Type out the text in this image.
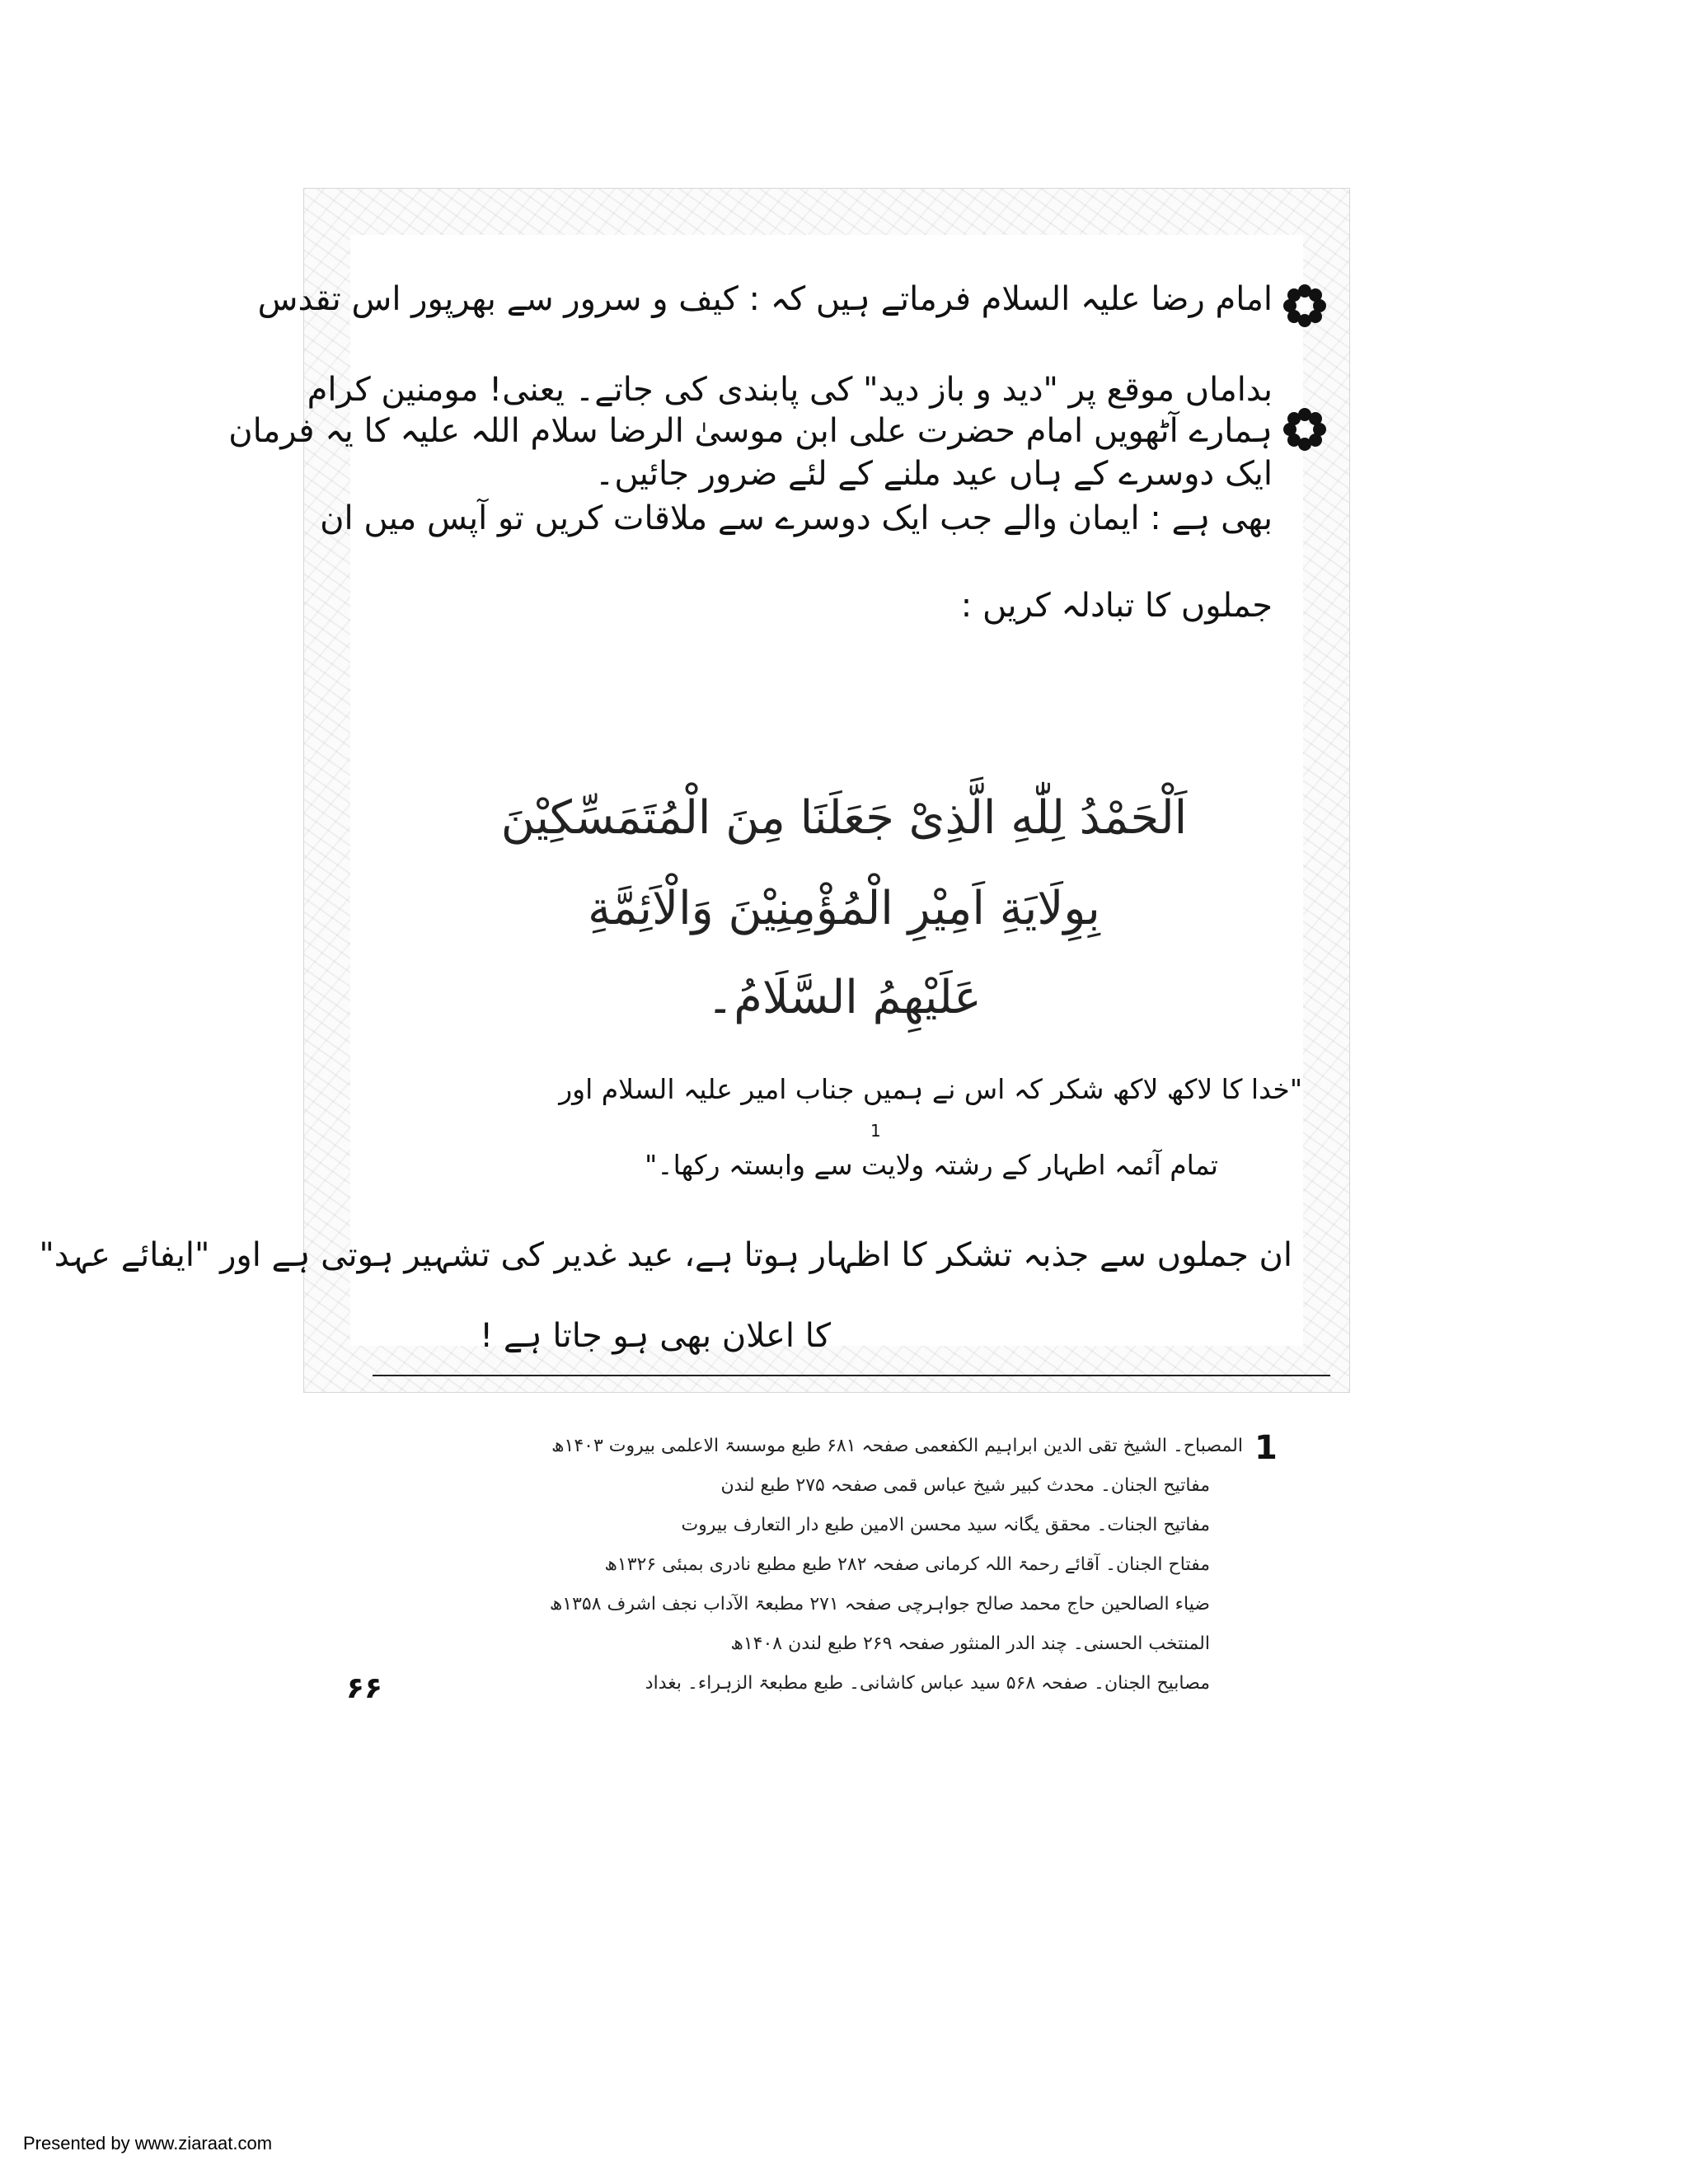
امام رضا علیہ السلام فرماتے ہیں کہ : کیف و سرور سے بھرپور اس تقدس
بداماں موقع پر "دید و باز دید" کی پابندی کی جاتے۔ یعنی! مومنین کرام
ایک دوسرے کے ہاں عید ملنے کے لئے ضرور جائیں۔
ہمارے آٹھویں امام حضرت علی ابن موسیٰ الرضا سلام اللہ علیہ کا یہ فرمان
بھی ہے : ایمان والے جب ایک دوسرے سے ملاقات کریں تو آپس میں ان
جملوں کا تبادلہ کریں :
اَلْحَمْدُ لِلّٰهِ الَّذِیْ جَعَلَنَا مِنَ الْمُتَمَسِّکِیْنَ
بِوِلَایَةِ اَمِیْرِ الْمُؤْمِنِیْنَ وَالْاَئِمَّةِ
عَلَیْهِمُ السَّلَامُ۔
"خدا کا لاکھ لاکھ شکر کہ اس نے ہمیں جناب امیر علیہ السلام اور
تمام آئمہ اطہار کے رشتہ ولایت سے وابستہ رکھا۔"
1
ان جملوں سے جذبہ تشکر کا اظہار ہوتا ہے، عید غدیر کی تشہیر ہوتی ہے اور "ایفائے عہد"
کا اعلان بھی ہو جاتا ہے !
1
المصباح۔ الشیخ تقی الدین ابراہیم الکفعمی صفحہ ۶۸۱ طبع موسسۃ الاعلمی بیروت ۱۴۰۳ھ
مفاتیح الجنان۔ محدث کبیر شیخ عباس قمی صفحہ ۲۷۵ طبع لندن
مفاتیح الجنات۔ محقق یگانہ سید محسن الامین طبع دار التعارف بیروت
مفتاح الجنان۔ آقائے رحمۃ اللہ کرمانی صفحہ ۲۸۲ طبع مطبع نادری بمبئی ۱۳۲۶ھ
ضیاء الصالحین حاج محمد صالح جواہرچی صفحہ ۲۷۱ مطبعۃ الآداب نجف اشرف ۱۳۵۸ھ
المنتخب الحسنی۔ چند الدر المنثور صفحہ ۲۶۹ طبع لندن ۱۴۰۸ھ
مصابیح الجنان۔ صفحہ ۵۶۸ سید عباس کاشانی۔ طبع مطبعۃ الزہراء۔ بغداد
۶۶
Presented by www.ziaraat.com
